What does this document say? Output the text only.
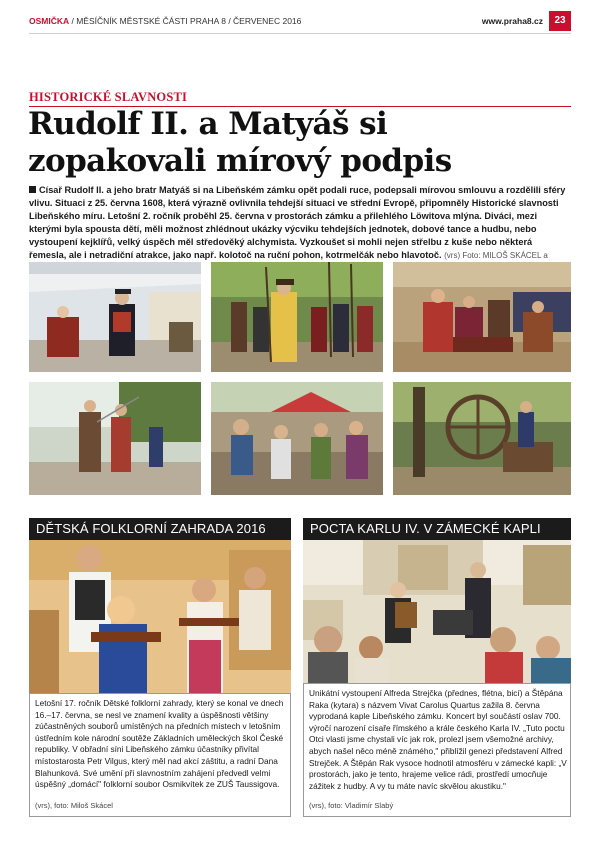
OSMIČKA / MĚSÍČNÍK MĚSTSKÉ ČÁSTI PRAHA 8 / ČERVENEC 2016	www.praha8.cz	23
HISTORICKÉ SLAVNOSTI
Rudolf II. a Matyáš si
zopakovali mírový podpis

Císař Rudolf II. a jeho bratr Matyáš si na Libeňském zámku opět podali ruce, podepsali mírovou smlouvu a rozdělili sféry vlivu. Situaci z 25. června 1608, která výrazně ovlivnila tehdejší situaci ve střední Evropě, připomněly Historické slavnosti Libeňského míru. Letošní 2. ročník proběhl 25. června v prostorách zámku a přilehlého Löwitova mlýna. Diváci, mezi kterými byla spousta dětí, měli možnost zhlédnout ukázky výcviku tehdejších jednotek, dobové tance a hudbu, nebo vystoupení kejklířů, velký úspěch měl středověký alchymista. Vyzkoušet si mohli nejen střelbu z kuše nebo některá řemesla, ale i netradiční atrakce, jako např. kolotoč na ruční pohon, kotrmelčák nebo hlavotoč. (vrs) Foto: MILOŠ SKÁCEL a

DĚTSKÁ FOLKLORNÍ ZAHRADA 2016

Letošní 17. ročník Dětské folklorní zahrady, který se konal ve dnech 16.–17. června, se nesl ve znamení kvality a úspěšnosti většiny zúčastněných souborů umístěných na předních místech v letošním ústředním kole národní soutěže Základních uměleckých škol České republiky. V obřadní síni Libeňského zámku účastníky přivítal místostarosta Petr Vilgus, který měl nad akcí záštitu, a radní Dana Blahunková. Své umění při slavnostním zahájení předvedl velmi úspěšný „domácí" folklorní soubor Osmikvítek ze ZUŠ Taussigova.

(vrs), foto: Miloš Skácel
POCTA KARLU IV. V ZÁMECKÉ KAPLI

Unikátní vystoupení Alfreda Strejčka (přednes, flétna, bicí) a Štěpána Raka (kytara) s názvem Vivat Carolus Quartus zažila 8. června vyprodaná kaple Libeňského zámku. Koncert byl součástí oslav 700. výročí narození císaře římského a krále českého Karla IV. „Tuto poctu Otci vlasti jsme chystali víc jak rok, prolezl jsem všemožné archivy, abych našel něco méně známého," přiblížil genezi představení Alfred Strejček. A Štěpán Rak vysoce hodnotil atmosféru v zámecké kapli: „V prostorách, jako je tento, hrajeme velice rádi, prostředí umocňuje zážitek z hudby. A vy tu máte navíc skvělou akustiku."

(vrs), foto: Vladimír Slabý
